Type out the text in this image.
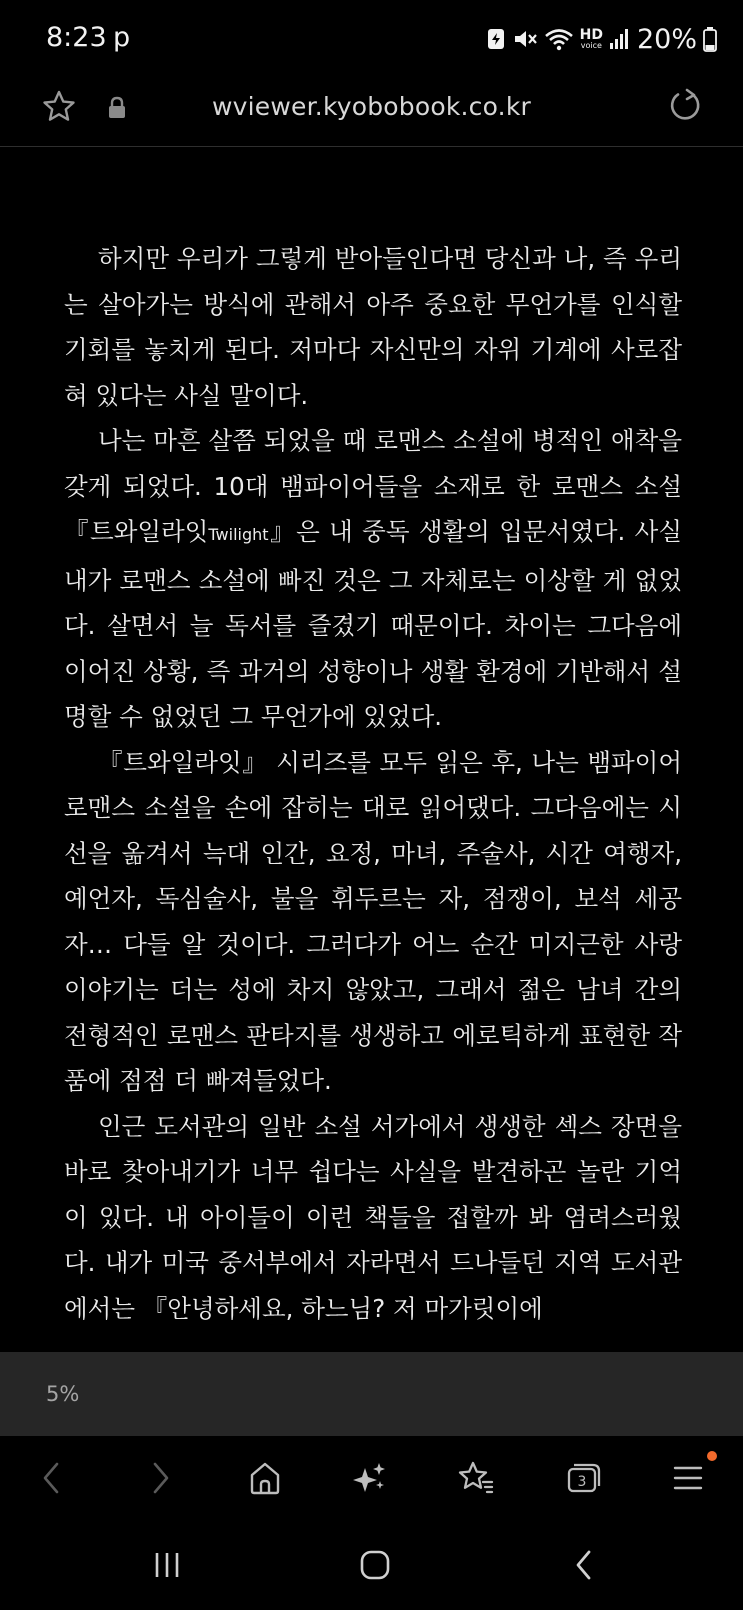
8:23 p	HD
voice 20%
wviewer.kyobobook.co.kr

하지만 우리가 그렇게 받아들인다면 당신과 나, 즉 우리는 살아가는 방식에 관해서 아주 중요한 무언가를 인식할 기회를 놓치게 된다. 저마다 자신만의 자위 기계에 사로잡혀 있다는 사실 말이다.

나는 마흔 살쯤 되었을 때 로맨스 소설에 병적인 애착을 갖게 되었다. 10대 뱀파이어들을 소재로 한 로맨스 소설 『트와일라잇Twilight』은 내 중독 생활의 입문서였다. 사실 내가 로맨스 소설에 빠진 것은 그 자체로는 이상할 게 없었다. 살면서 늘 독서를 즐겼기 때문이다. 차이는 그다음에 이어진 상황, 즉 과거의 성향이나 생활 환경에 기반해서 설명할 수 없었던 그 무언가에 있었다.

『트와일라잇』 시리즈를 모두 읽은 후, 나는 뱀파이어 로맨스 소설을 손에 잡히는 대로 읽어댔다. 그다음에는 시선을 옮겨서 늑대 인간, 요정, 마녀, 주술사, 시간 여행자, 예언자, 독심술사, 불을 휘두르는 자, 점쟁이, 보석 세공자… 다들 알 것이다. 그러다가 어느 순간 미지근한 사랑 이야기는 더는 성에 차지 않았고, 그래서 젊은 남녀 간의 전형적인 로맨스 판타지를 생생하고 에로틱하게 표현한 작품에 점점 더 빠져들었다.

인근 도서관의 일반 소설 서가에서 생생한 섹스 장면을 바로 찾아내기가 너무 쉽다는 사실을 발견하곤 놀란 기억이 있다. 내 아이들이 이런 책들을 접할까 봐 염려스러웠다. 내가 미국 중서부에서 자라면서 드나들던 지역 도서관에서는 『안녕하세요, 하느님? 저 마가릿이에

5%
3
